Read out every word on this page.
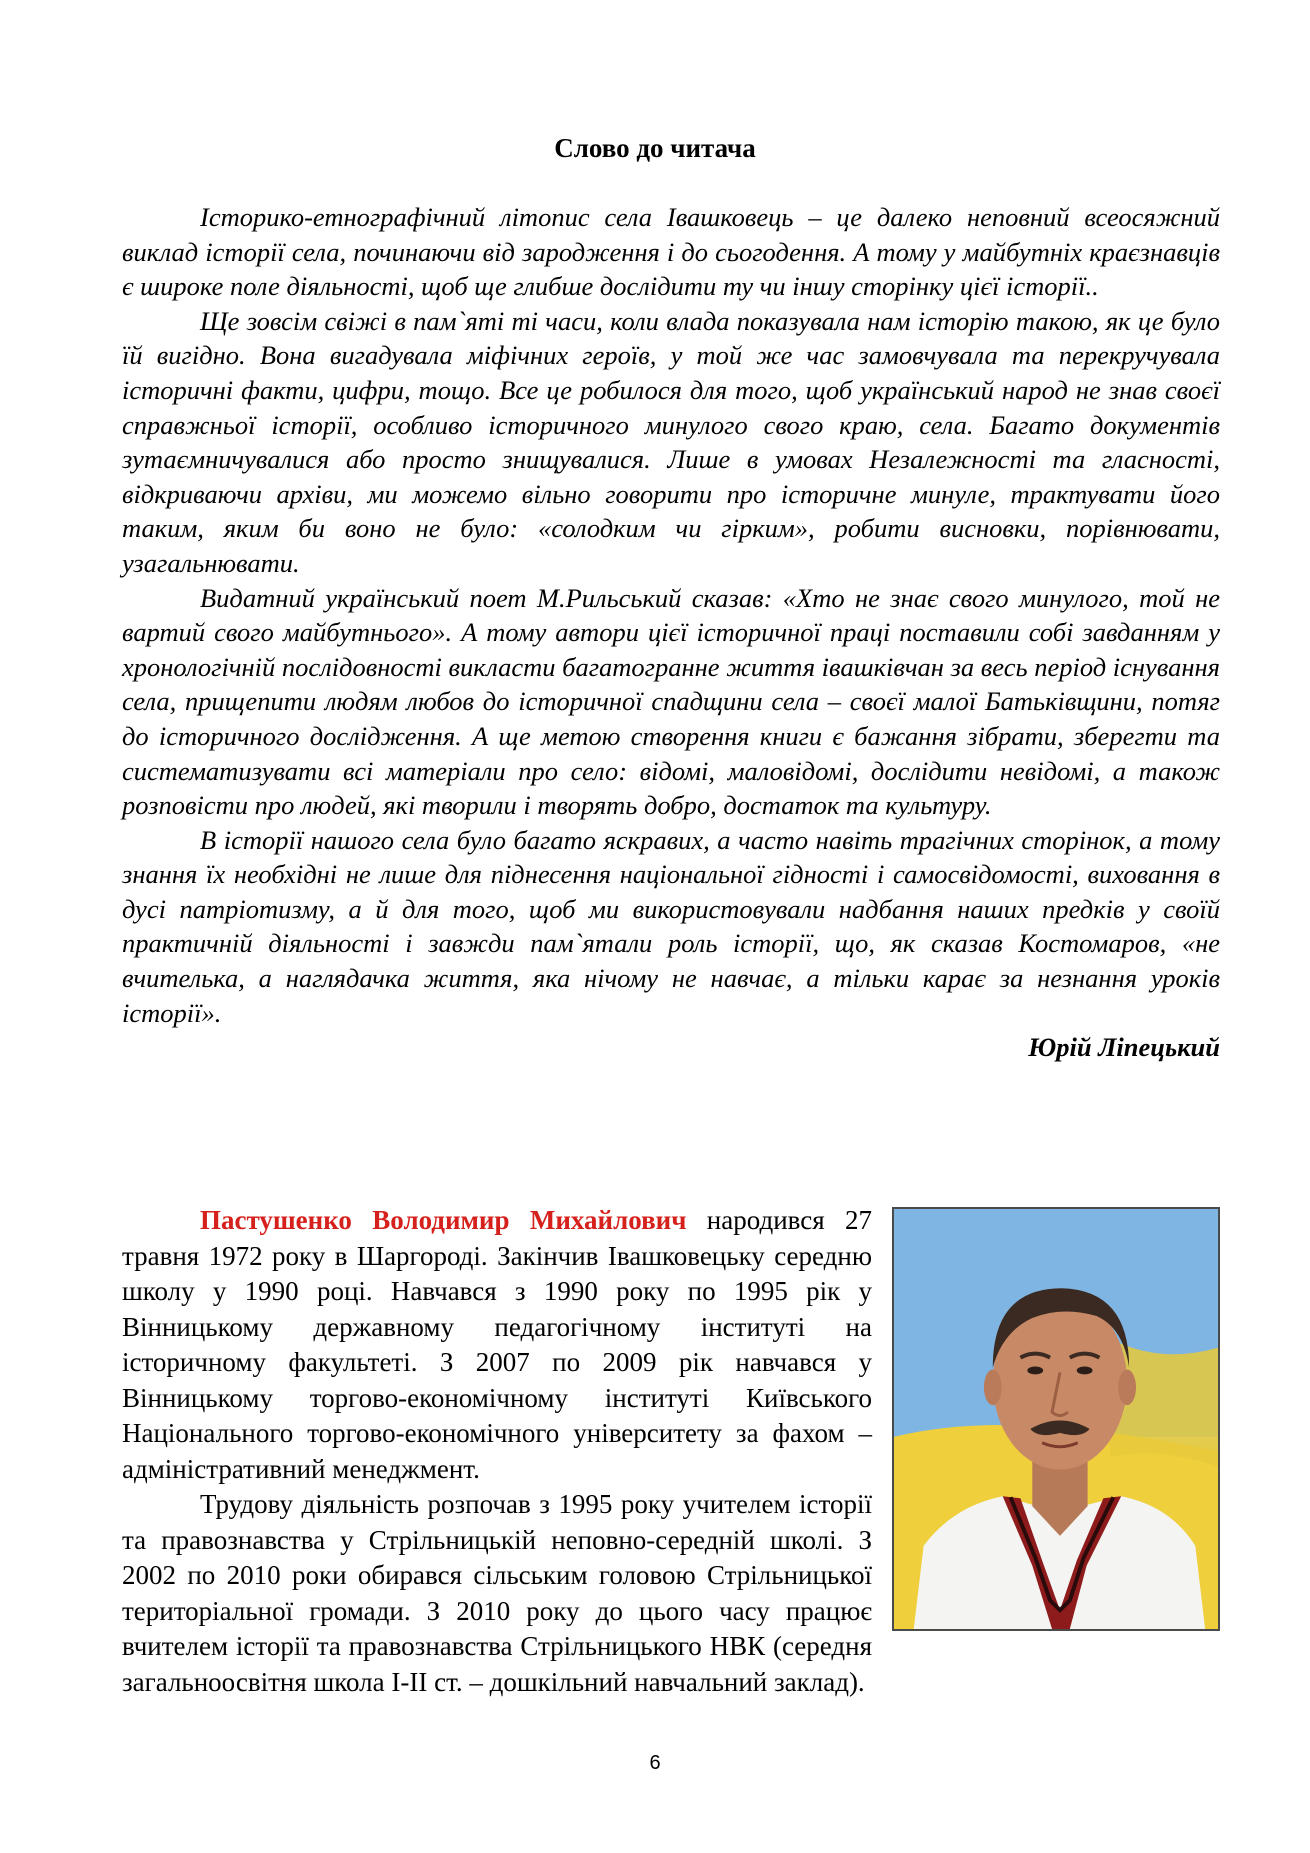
Слово до читача

Історико-етнографічний літопис села Івашковець – це далеко неповний всеосяжний виклад історії села, починаючи від зародження і до сьогодення. А тому у майбутніх краєзнавців є широке поле діяльності, щоб ще глибше дослідити ту чи іншу сторінку цієї історії..

Ще зовсім свіжі в пам`яті ті часи, коли влада показувала нам історію такою, як це було їй вигідно. Вона вигадувала міфічних героїв, у той же час замовчувала та перекручувала історичні факти, цифри, тощо. Все це робилося для того, щоб український народ не знав своєї справжньої історії, особливо історичного минулого свого краю, села. Багато документів зутаємничувалися або просто знищувалися. Лише в умовах Незалежності та гласності, відкриваючи архіви, ми можемо вільно говорити про історичне минуле, трактувати його таким, яким би воно не було: «солодким чи гірким», робити висновки, порівнювати, узагальнювати.

Видатний український поет М.Рильський сказав: «Хто не знає свого минулого, той не вартий свого майбутнього». А тому автори цієї історичної праці поставили собі завданням у хронологічній послідовності викласти багатогранне життя івашківчан за весь період існування села, прищепити людям любов до історичної спадщини села – своєї малої Батьківщини, потяг до історичного дослідження. А ще метою створення книги є бажання зібрати, зберегти та систематизувати всі матеріали про село: відомі, маловідомі, дослідити невідомі, а також розповісти про людей, які творили і творять добро, достаток та культуру.

В історії нашого села було багато яскравих, а часто навіть трагічних сторінок, а тому знання їх необхідні не лише для піднесення національної гідності і самосвідомості, виховання в дусі патріотизму, а й для того, щоб ми використовували надбання наших предків у своїй практичній діяльності і завжди пам`ятали роль історії, що, як сказав Костомаров, «не вчителька, а наглядачка життя, яка нічому не навчає, а тільки карає за незнання уроків історії».

Юрій Ліпецький

Пастушенко Володимир Михайлович народився 27 травня 1972 року в Шаргороді. Закінчив Івашковецьку середню школу у 1990 році. Навчався з 1990 року по 1995 рік у Вінницькому державному педагогічному інституті на історичному факультеті. З 2007 по 2009 рік навчався у Вінницькому торгово-економічному інституті Київського Національного торгово-економічного університету за фахом – адміністративний менеджмент.

Трудову діяльність розпочав з 1995 року учителем історії та правознавства у Стрільницькій неповно-середній школі. З 2002 по 2010 роки обирався сільським головою Стрільницької територіальної громади. З 2010 року до цього часу працює вчителем історії та правознавства Стрільницького НВК (середня загальноосвітня школа І-ІІ ст. – дошкільний навчальний заклад).

6
